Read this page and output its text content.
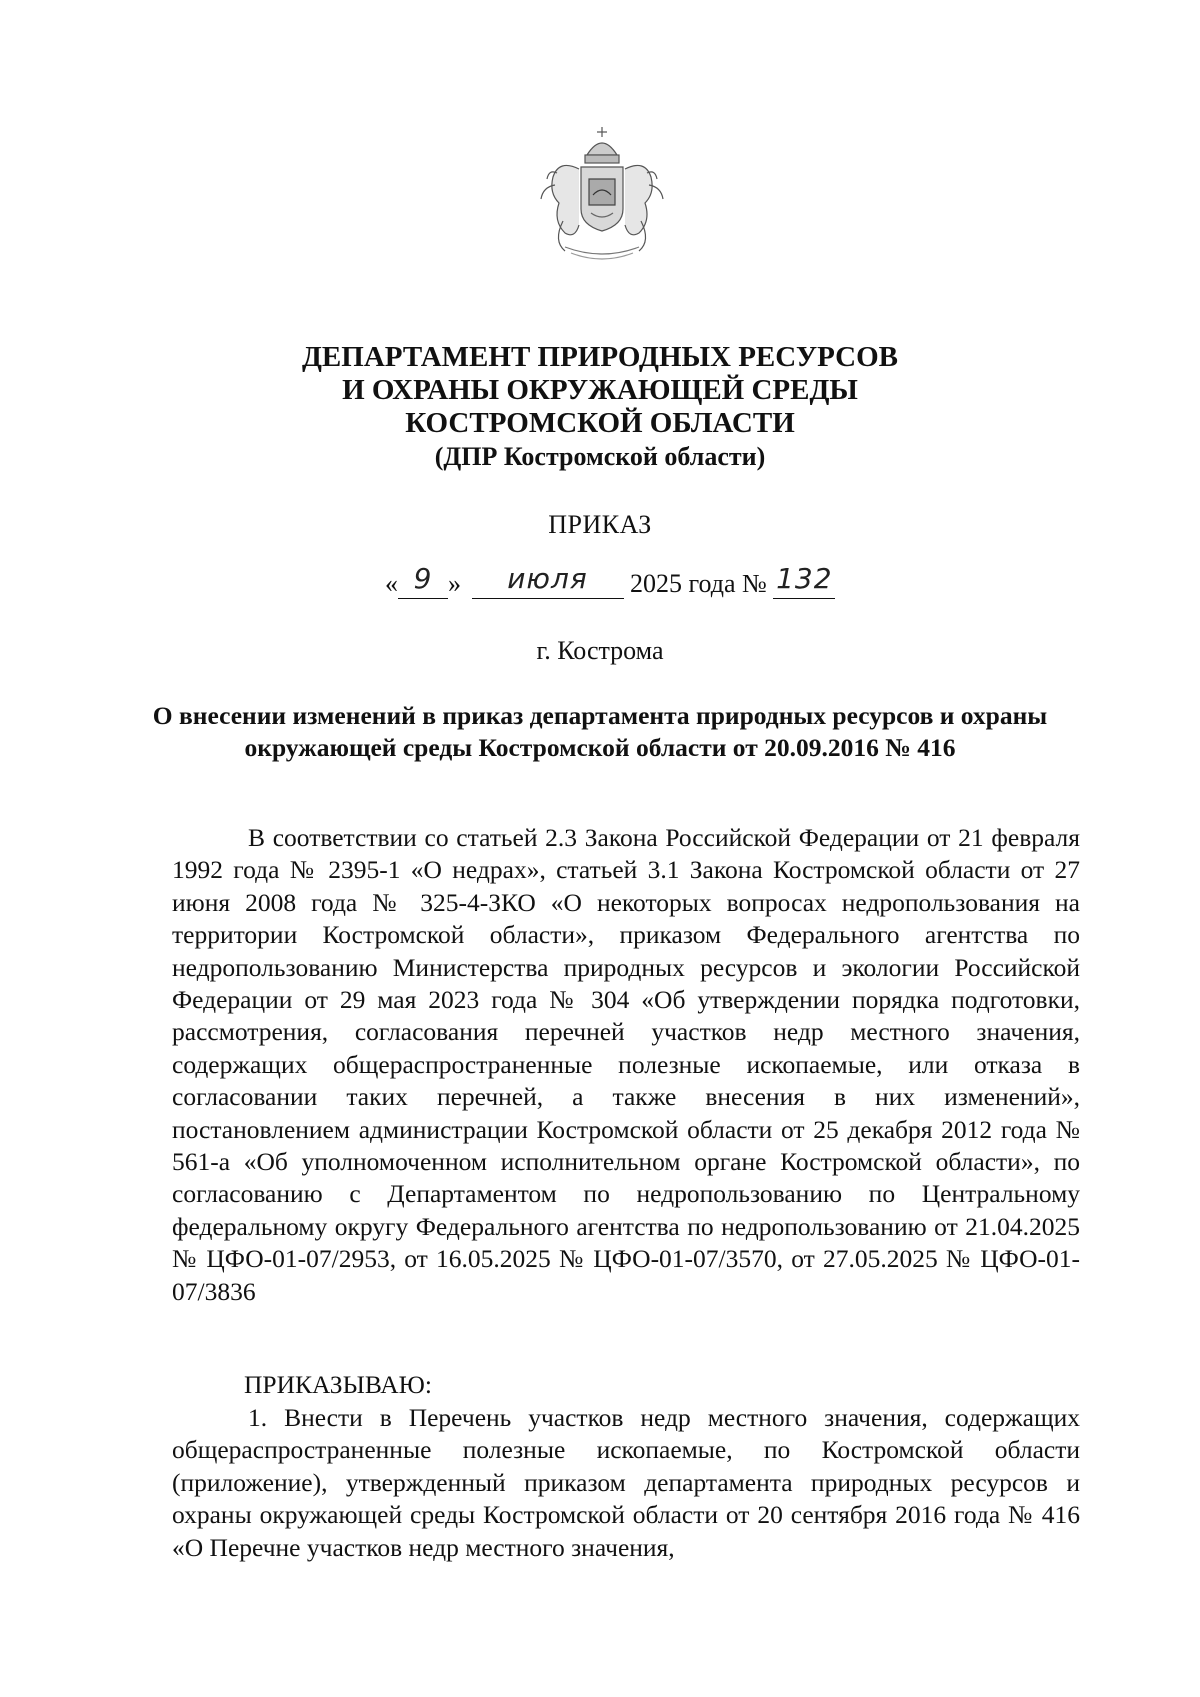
ДЕПАРТАМЕНТ ПРИРОДНЫХ РЕСУРСОВ
И ОХРАНЫ ОКРУЖАЮЩЕЙ СРЕДЫ
КОСТРОМСКОЙ ОБЛАСТИ
(ДПР Костромской области)
ПРИКАЗ
« 9 » июля 2025 года № 132
г. Кострома
О внесении изменений в приказ департамента природных ресурсов и охраны окружающей среды Костромской области от 20.09.2016 № 416

В соответствии со статьей 2.3 Закона Российской Федерации от 21 февраля 1992 года № 2395-1 «О недрах», статьей 3.1 Закона Костромской области от 27 июня 2008 года № 325-4-ЗКО «О некоторых вопросах недропользования на территории Костромской области», приказом Федерального агентства по недропользованию Министерства природных ресурсов и экологии Российской Федерации от 29 мая 2023 года № 304 «Об утверждении порядка подготовки, рассмотрения, согласования перечней участков недр местного значения, содержащих общераспространенные полезные ископаемые, или отказа в согласовании таких перечней, а также внесения в них изменений», постановлением администрации Костромской области от 25 декабря 2012 года № 561-а «Об уполномоченном исполнительном органе Костромской области», по согласованию с Департаментом по недропользованию по Центральному федеральному округу Федерального агентства по недропользованию от 21.04.2025 № ЦФО-01-07/2953, от 16.05.2025 № ЦФО-01-07/3570, от 27.05.2025 № ЦФО-01-07/3836

ПРИКАЗЫВАЮ:

1. Внести в Перечень участков недр местного значения, содержащих общераспространенные полезные ископаемые, по Костромской области (приложение), утвержденный приказом департамента природных ресурсов и охраны окружающей среды Костромской области от 20 сентября 2016 года № 416 «О Перечне участков недр местного значения,
